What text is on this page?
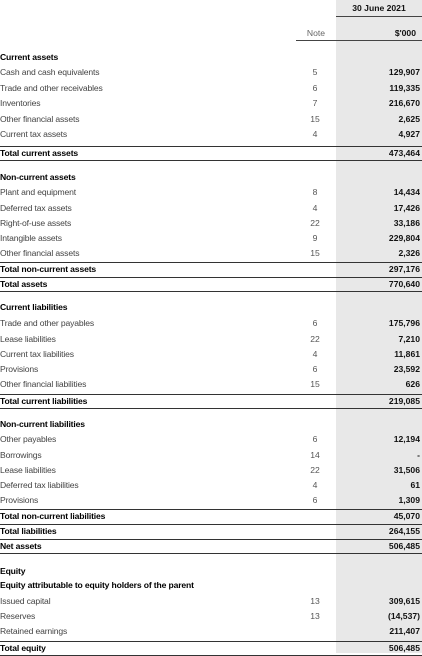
30 June 2021
Note	$'000
Current assets
Cash and cash equivalents	5	129,907
Trade and other receivables	6	119,335
Inventories	7	216,670
Other financial assets	15	2,625
Current tax assets	4	4,927
Total current assets	473,464
Non-current assets
Plant and equipment	8	14,434
Deferred tax assets	4	17,426
Right-of-use assets	22	33,186
Intangible assets	9	229,804
Other financial assets	15	2,326
Total non-current assets	297,176
Total assets	770,640
Current liabilities
Trade and other payables	6	175,796
Lease liabilities	22	7,210
Current tax liabilities	4	11,861
Provisions	6	23,592
Other financial liabilities	15	626
Total current liabilities	219,085
Non-current liabilities
Other payables	6	12,194
Borrowings	14	-
Lease liabilities	22	31,506
Deferred tax liabilities	4	61
Provisions	6	1,309
Total non-current liabilities	45,070
Total liabilities	264,155
Net assets	506,485
Equity
Equity attributable to equity holders of the parent
Issued capital	13	309,615
Reserves	13	(14,537)
Retained earnings	211,407
Total equity	506,485
